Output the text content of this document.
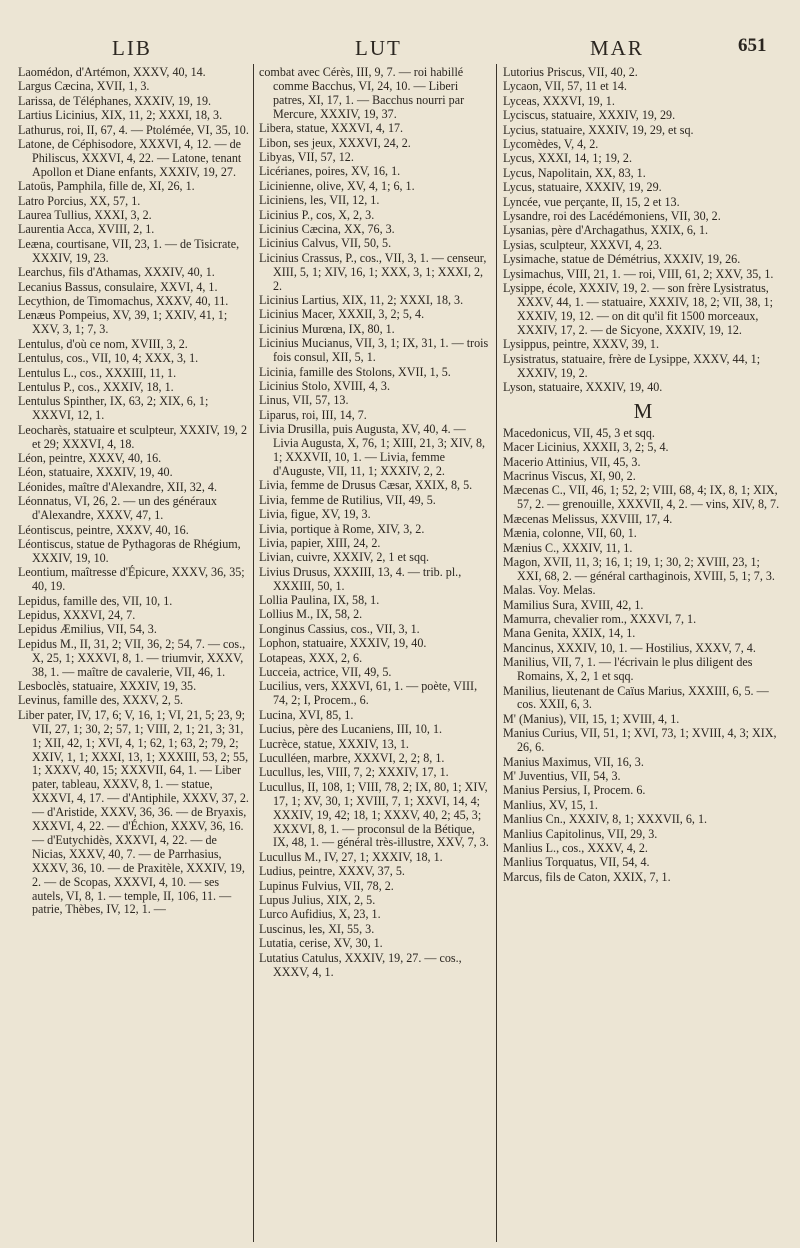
LIB	LUT	MAR	651
Laomédon, d'Artémon, XXXV, 40, 14.
Largus Cæcina, XVII, 1, 3.
Larissa, de Téléphanes, XXXIV, 19, 19.
Lartius Licinius, XIX, 11, 2; XXXI, 18, 3.
Lathurus, roi, II, 67, 4. — Ptolémée, VI, 35, 10.
Latone, de Céphisodore, XXXVI, 4, 12. — de Philiscus, XXXVI, 4, 22. — Latone, tenant Apollon et Diane enfants, XXXIV, 19, 27.
Latoüs, Pamphila, fille de, XI, 26, 1.
Latro Porcius, XX, 57, 1.
Laurea Tullius, XXXI, 3, 2.
Laurentia Acca, XVIII, 2, 1.
Leæna, courtisane, VII, 23, 1. — de Tisicrate, XXXIV, 19, 23.
Learchus, fils d'Athamas, XXXIV, 40, 1.
Lecanius Bassus, consulaire, XXVI, 4, 1.
Lecythion, de Timomachus, XXXV, 40, 11.
Lenæus Pompeius, XV, 39, 1; XXIV, 41, 1; XXV, 3, 1; 7, 3.
Lentulus, d'où ce nom, XVIII, 3, 2.
Lentulus, cos., VII, 10, 4; XXX, 3, 1.
Lentulus L., cos., XXXIII, 11, 1.
Lentulus P., cos., XXXIV, 18, 1.
Lentulus Spinther, IX, 63, 2; XIX, 6, 1; XXXVI, 12, 1.
Leocharès, statuaire et sculpteur, XXXIV, 19, 2 et 29; XXXVI, 4, 18.
Léon, peintre, XXXV, 40, 16.
Léon, statuaire, XXXIV, 19, 40.
Léonides, maître d'Alexandre, XII, 32, 4.
Léonnatus, VI, 26, 2. — un des généraux d'Alexandre, XXXV, 47, 1.
Léontiscus, peintre, XXXV, 40, 16.
Léontiscus, statue de Pythagoras de Rhégium, XXXIV, 19, 10.
Leontium, maîtresse d'Épicure, XXXV, 36, 35; 40, 19.
Lepidus, famille des, VII, 10, 1.
Lepidus, XXXVI, 24, 7.
Lepidus Æmilius, VII, 54, 3.
Lepidus M., II, 31, 2; VII, 36, 2; 54, 7. — cos., X, 25, 1; XXXVI, 8, 1. — triumvir, XXXV, 38, 1. — maître de cavalerie, VII, 46, 1.
Lesboclès, statuaire, XXXIV, 19, 35.
Levinus, famille des, XXXV, 2, 5.
Liber pater, IV, 17, 6; V, 16, 1; VI, 21, 5; 23, 9; VII, 27, 1; 30, 2; 57, 1; VIII, 2, 1; 21, 3; 31, 1; XII, 42, 1; XVI, 4, 1; 62, 1; 63, 2; 79, 2; XXIV, 1, 1; XXXI, 13, 1; XXXIII, 53, 2; 55, 1; XXXV, 40, 15; XXXVII, 64, 1. — Liber pater, tableau, XXXV, 8, 1. — statue, XXXVI, 4, 17. — d'Antiphile, XXXV, 37, 2. — d'Aristide, XXXV, 36, 36. — de Bryaxis, XXXVI, 4, 22. — d'Échion, XXXV, 36, 16. — d'Eutychidès, XXXVI, 4, 22. — de Nicias, XXXV, 40, 7. — de Parrhasius, XXXV, 36, 10. — de Praxitèle, XXXIV, 19, 2. — de Scopas, XXXVI, 4, 10. — ses autels, VI, 8, 1. — temple, II, 106, 11. — patrie, Thèbes, IV, 12, 1. —
combat avec Cérès, III, 9, 7. — roi habillé comme Bacchus, VI, 24, 10. — Liberi patres, XI, 17, 1. — Bacchus nourri par Mercure, XXXIV, 19, 37.
Libera, statue, XXXVI, 4, 17.
Libon, ses jeux, XXXVI, 24, 2.
Libyas, VII, 57, 12.
Licérianes, poires, XV, 16, 1.
Licinienne, olive, XV, 4, 1; 6, 1.
Liciniens, les, VII, 12, 1.
Licinius P., cos, X, 2, 3.
Licinius Cæcina, XX, 76, 3.
Licinius Calvus, VII, 50, 5.
Licinius Crassus, P., cos., VII, 3, 1. — censeur, XIII, 5, 1; XIV, 16, 1; XXX, 3, 1; XXXI, 2, 2.
Licinius Lartius, XIX, 11, 2; XXXI, 18, 3.
Licinius Macer, XXXII, 3, 2; 5, 4.
Licinius Murœna, IX, 80, 1.
Licinius Mucianus, VII, 3, 1; IX, 31, 1. — trois fois consul, XII, 5, 1.
Licinia, famille des Stolons, XVII, 1, 5.
Licinius Stolo, XVIII, 4, 3.
Linus, VII, 57, 13.
Liparus, roi, III, 14, 7.
Livia Drusilla, puis Augusta, XV, 40, 4. — Livia Augusta, X, 76, 1; XIII, 21, 3; XIV, 8, 1; XXXVII, 10, 1. — Livia, femme d'Auguste, VII, 11, 1; XXXIV, 2, 2.
Livia, femme de Drusus Cæsar, XXIX, 8, 5.
Livia, femme de Rutilius, VII, 49, 5.
Livia, figue, XV, 19, 3.
Livia, portique à Rome, XIV, 3, 2.
Livia, papier, XIII, 24, 2.
Livian, cuivre, XXXIV, 2, 1 et sqq.
Livius Drusus, XXXIII, 13, 4. — trib. pl., XXXIII, 50, 1.
Lollia Paulina, IX, 58, 1.
Lollius M., IX, 58, 2.
Longinus Cassius, cos., VII, 3, 1.
Lophon, statuaire, XXXIV, 19, 40.
Lotapeas, XXX, 2, 6.
Lucceia, actrice, VII, 49, 5.
Lucilius, vers, XXXVI, 61, 1. — poète, VIII, 74, 2; I, Procem., 6.
Lucina, XVI, 85, 1.
Lucius, père des Lucaniens, III, 10, 1.
Lucrèce, statue, XXXIV, 13, 1.
Luculléen, marbre, XXXVI, 2, 2; 8, 1.
Lucullus, les, VIII, 7, 2; XXXIV, 17, 1.
Lucullus, II, 108, 1; VIII, 78, 2; IX, 80, 1; XIV, 17, 1; XV, 30, 1; XVIII, 7, 1; XXVI, 14, 4; XXXIV, 19, 42; 18, 1; XXXV, 40, 2; 45, 3; XXXVI, 8, 1. — proconsul de la Bétique, IX, 48, 1. — général très-illustre, XXV, 7, 3.
Lucullus M., IV, 27, 1; XXXIV, 18, 1.
Ludius, peintre, XXXV, 37, 5.
Lupinus Fulvius, VII, 78, 2.
Lupus Julius, XIX, 2, 5.
Lurco Aufidius, X, 23, 1.
Luscinus, les, XI, 55, 3.
Lutatia, cerise, XV, 30, 1.
Lutatius Catulus, XXXIV, 19, 27. — cos., XXXV, 4, 1.
Lutorius Priscus, VII, 40, 2.
Lycaon, VII, 57, 11 et 14.
Lyceas, XXXVI, 19, 1.
Lyciscus, statuaire, XXXIV, 19, 29.
Lycius, statuaire, XXXIV, 19, 29, et sq.
Lycomèdes, V, 4, 2.
Lycus, XXXI, 14, 1; 19, 2.
Lycus, Napolitain, XX, 83, 1.
Lycus, statuaire, XXXIV, 19, 29.
Lyncée, vue perçante, II, 15, 2 et 13.
Lysandre, roi des Lacédémoniens, VII, 30, 2.
Lysanias, père d'Archagathus, XXIX, 6, 1.
Lysias, sculpteur, XXXVI, 4, 23.
Lysimache, statue de Démétrius, XXXIV, 19, 26.
Lysimachus, VIII, 21, 1. — roi, VIII, 61, 2; XXV, 35, 1.
Lysippe, école, XXXIV, 19, 2. — son frère Lysistratus, XXXV, 44, 1. — statuaire, XXXIV, 18, 2; VII, 38, 1; XXXIV, 19, 12. — on dit qu'il fit 1500 morceaux, XXXIV, 17, 2. — de Sicyone, XXXIV, 19, 12.
Lysippus, peintre, XXXV, 39, 1.
Lysistratus, statuaire, frère de Lysippe, XXXV, 44, 1; XXXIV, 19, 2.
Lyson, statuaire, XXXIV, 19, 40.
M
Macedonicus, VII, 45, 3 et sqq.
Macer Licinius, XXXII, 3, 2; 5, 4.
Macerio Attinius, VII, 45, 3.
Macrinus Viscus, XI, 90, 2.
Mæcenas C., VII, 46, 1; 52, 2; VIII, 68, 4; IX, 8, 1; XIX, 57, 2. — grenouille, XXXVII, 4, 2. — vins, XIV, 8, 7.
Mæcenas Melissus, XXVIII, 17, 4.
Mænia, colonne, VII, 60, 1.
Mænius C., XXXIV, 11, 1.
Magon, XVII, 11, 3; 16, 1; 19, 1; 30, 2; XVIII, 23, 1; XXI, 68, 2. — général carthaginois, XVIII, 5, 1; 7, 3.
Malas. Voy. Melas.
Mamilius Sura, XVIII, 42, 1.
Mamurra, chevalier rom., XXXVI, 7, 1.
Mana Genita, XXIX, 14, 1.
Mancinus, XXXIV, 10, 1. — Hostilius, XXXV, 7, 4.
Manilius, VII, 7, 1. — l'écrivain le plus diligent des Romains, X, 2, 1 et sqq.
Manilius, lieutenant de Caïus Marius, XXXIII, 6, 5. — cos. XXII, 6, 3.
M' (Manius), VII, 15, 1; XVIII, 4, 1.
Manius Curius, VII, 51, 1; XVI, 73, 1; XVIII, 4, 3; XIX, 26, 6.
Manius Maximus, VII, 16, 3.
M' Juventius, VII, 54, 3.
Manius Persius, I, Procem. 6.
Manlius, XV, 15, 1.
Manlius Cn., XXXIV, 8, 1; XXXVII, 6, 1.
Manlius Capitolinus, VII, 29, 3.
Manlius L., cos., XXXV, 4, 2.
Manlius Torquatus, VII, 54, 4.
Marcus, fils de Caton, XXIX, 7, 1.
